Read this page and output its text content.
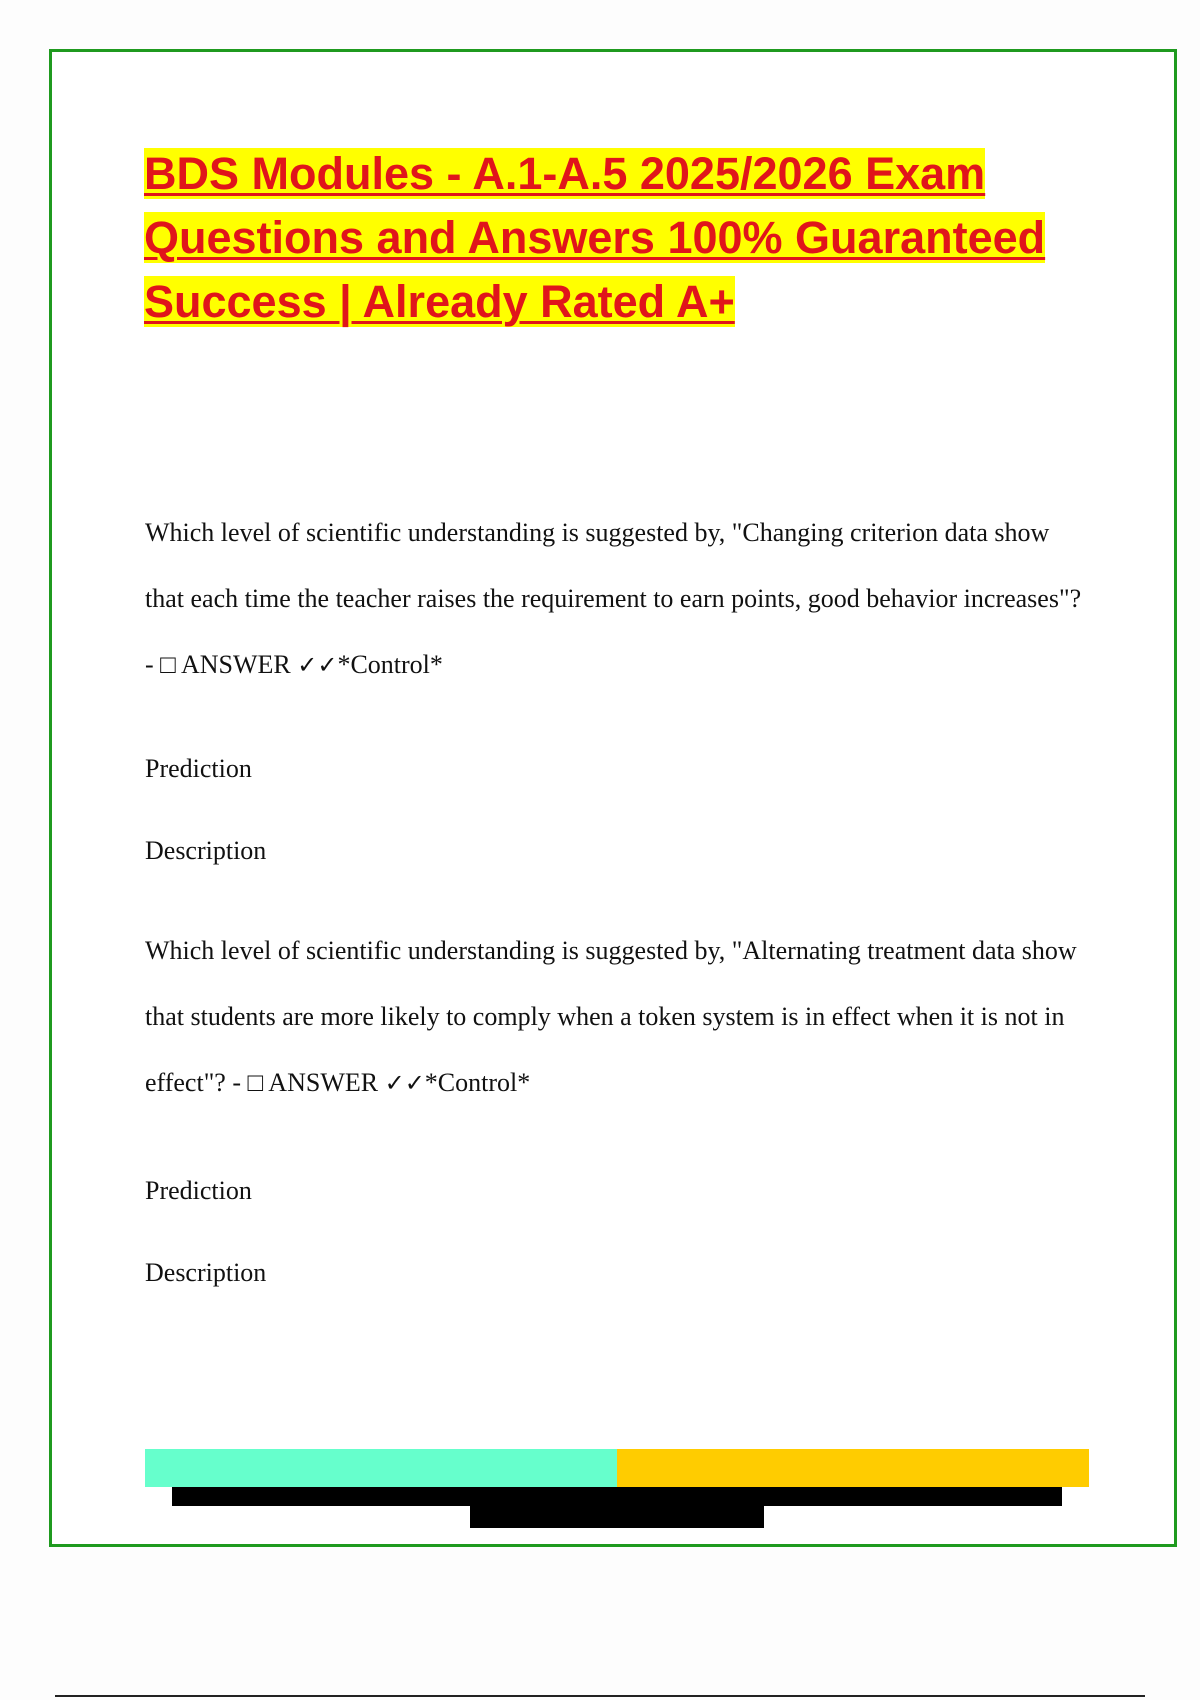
BDS Modules - A.1-A.5 2025/2026 Exam Questions and Answers 100% Guaranteed Success | Already Rated A+

Which level of scientific understanding is suggested by, "Changing criterion data show that each time the teacher raises the requirement to earn points, good behavior increases"? - □ ANSWER ✓✓*Control*

Prediction

Description

Which level of scientific understanding is suggested by, "Alternating treatment data show that students are more likely to comply when a token system is in effect when it is not in effect"? - □ ANSWER ✓✓*Control*

Prediction

Description
